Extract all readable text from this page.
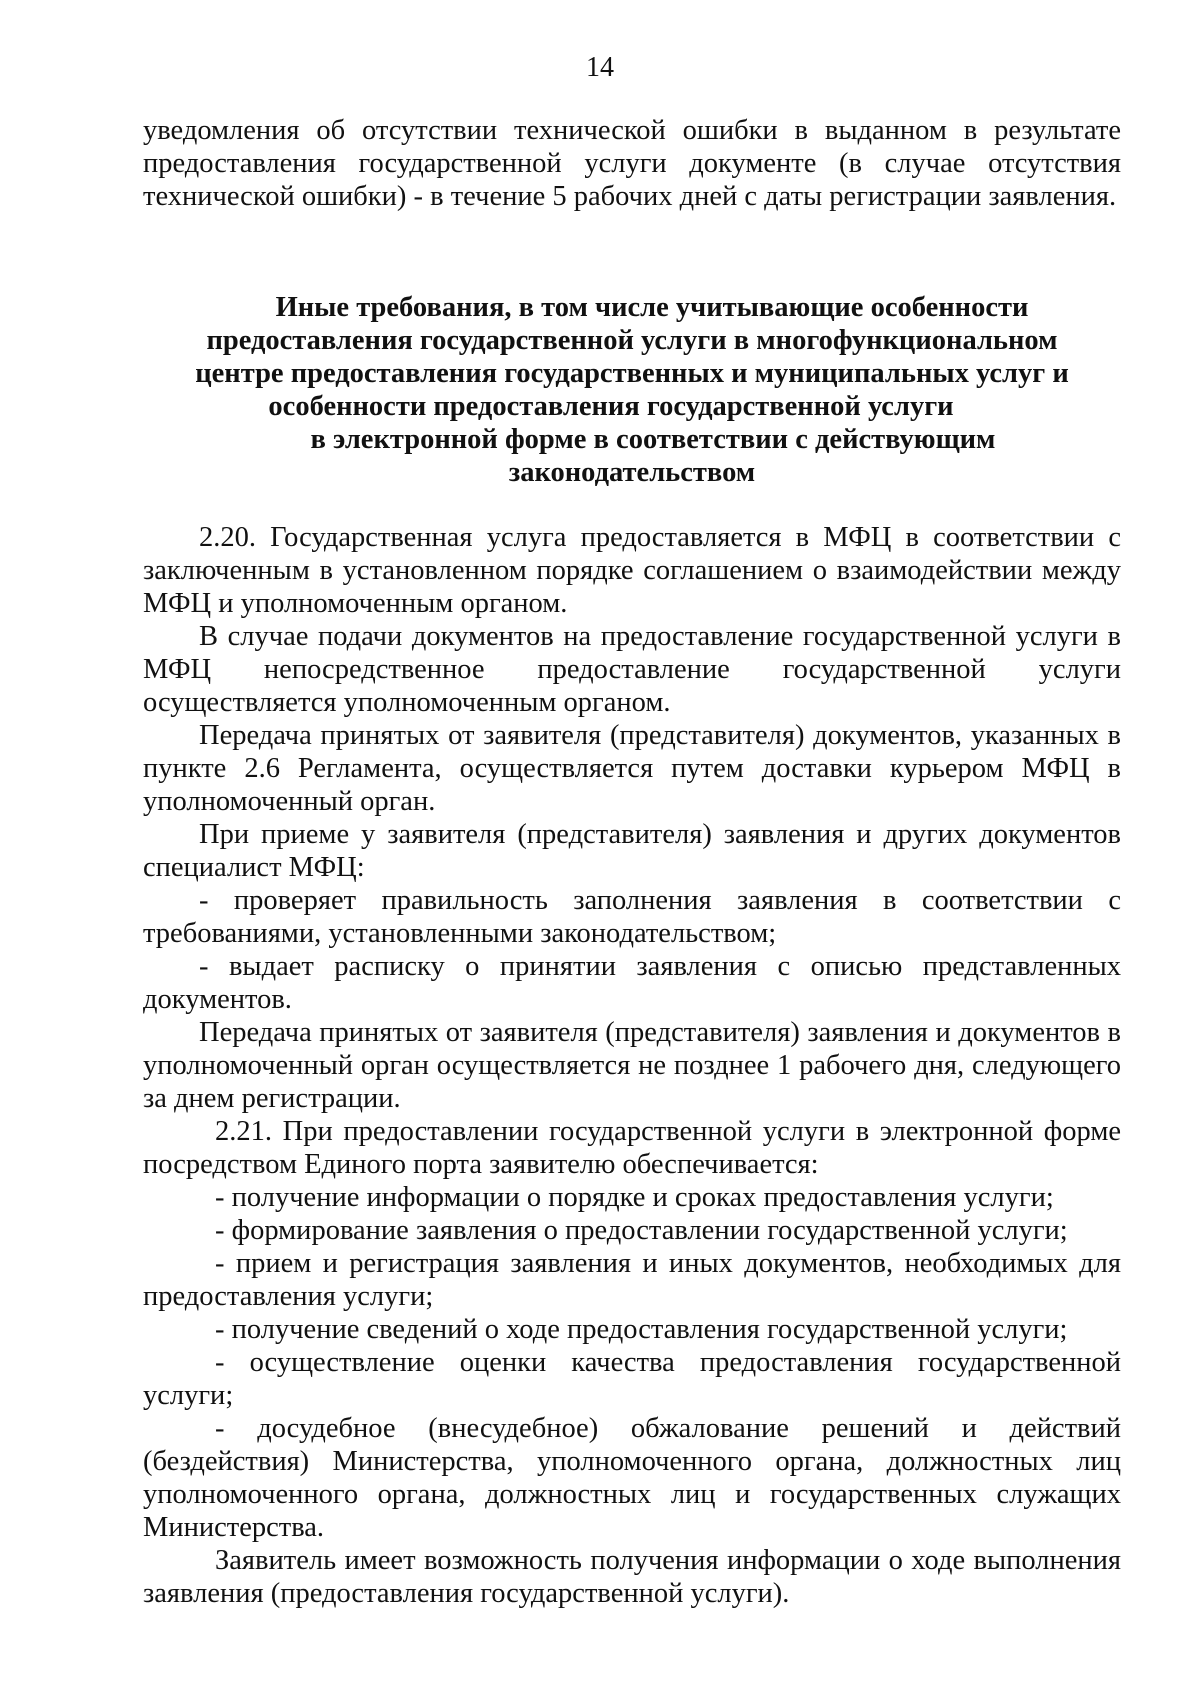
14

уведомления об отсутствии технической ошибки в выданном в результате предоставления государственной услуги документе (в случае отсутствия технической ошибки) - в течение 5 рабочих дней с даты регистрации заявления.

Иные требования, в том числе учитывающие особенности
предоставления государственной услуги в многофункциональном
центре предоставления государственных и муниципальных услуг и
особенности предоставления государственной услуги
в электронной форме в соответствии с действующим
законодательством

2.20. Государственная услуга предоставляется в МФЦ в соответствии с заключенным в установленном порядке соглашением о взаимодействии между МФЦ и уполномоченным органом.

В случае подачи документов на предоставление государственной услуги в МФЦ непосредственное предоставление государственной услуги осуществляется уполномоченным органом.

Передача принятых от заявителя (представителя) документов, указанных в пункте 2.6 Регламента, осуществляется путем доставки курьером МФЦ в уполномоченный орган.

При приеме у заявителя (представителя) заявления и других документов специалист МФЦ:

- проверяет правильность заполнения заявления в соответствии с требованиями, установленными законодательством;

- выдает расписку о принятии заявления с описью представленных документов.

Передача принятых от заявителя (представителя) заявления и документов в уполномоченный орган осуществляется не позднее 1 рабочего дня, следующего за днем регистрации.

2.21. При предоставлении государственной услуги в электронной форме посредством Единого порта заявителю обеспечивается:

- получение информации о порядке и сроках предоставления услуги;

- формирование заявления о предоставлении государственной услуги;

- прием и регистрация заявления и иных документов, необходимых для предоставления услуги;

- получение сведений о ходе предоставления государственной услуги;

- осуществление оценки качества предоставления государственной услуги;

- досудебное (внесудебное) обжалование решений и действий (бездействия) Министерства, уполномоченного органа, должностных лиц уполномоченного органа, должностных лиц и государственных служащих Министерства.

Заявитель имеет возможность получения информации о ходе выполнения заявления (предоставления государственной услуги).
